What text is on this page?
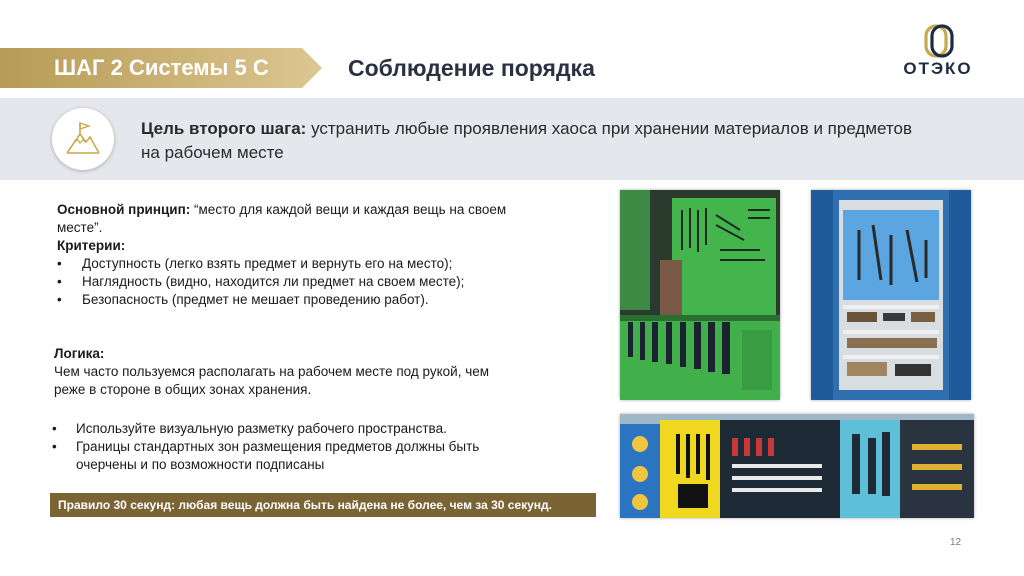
ШАГ 2 Системы 5 С	Соблюдение порядка	ОТЭКО
Цель второго шага: устранить любые проявления хаоса при хранении материалов и предметов на рабочем месте
Основной принцип: “место для каждой вещи и каждая вещь на своем месте”.
Критерии:
• Доступность (легко взять предмет и вернуть его на место);
• Наглядность (видно, находится ли предмет на своем месте);
• Безопасность (предмет не мешает проведению работ).
Логика:
Чем часто пользуемся располагать на рабочем месте под рукой, чем реже в стороне в общих зонах хранения.
• Используйте визуальную разметку рабочего пространства.
• Границы стандартных зон размещения предметов должны быть очерчены и по возможности подписаны
Правило 30 секунд: любая вещь должна быть найдена не более, чем за 30 секунд.
12
